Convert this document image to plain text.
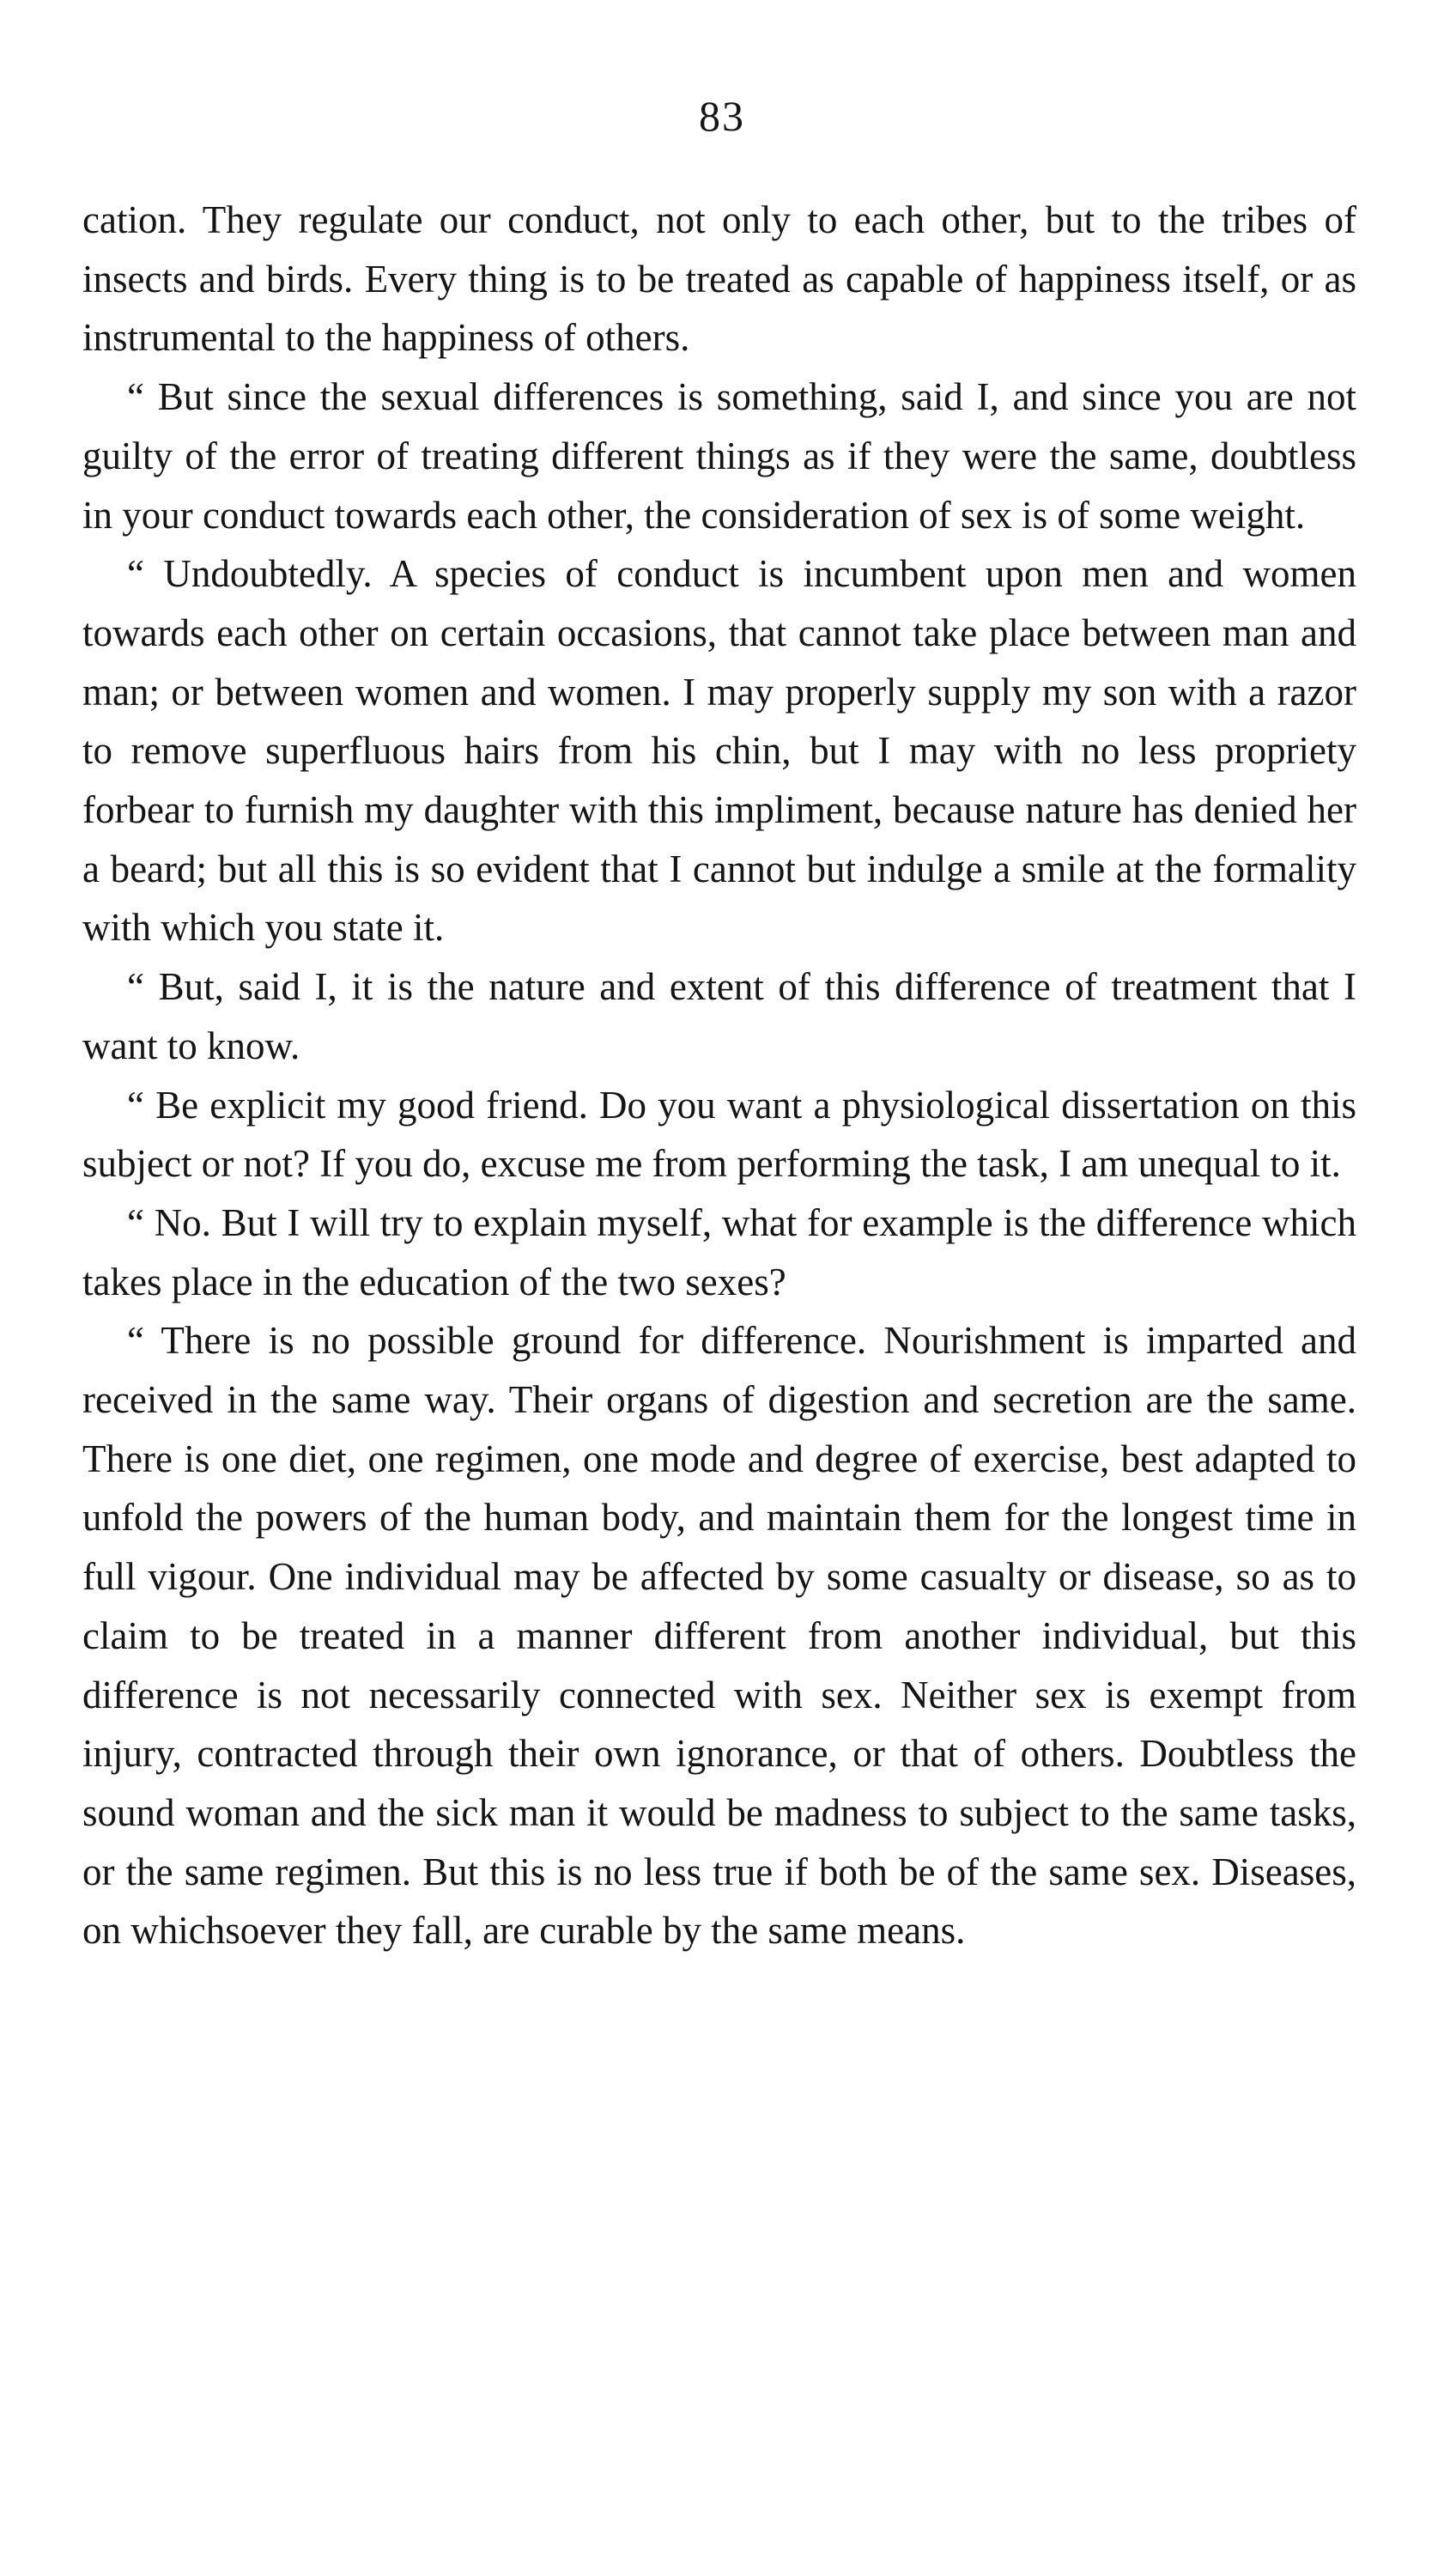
83

cation. They regulate our conduct, not only to each other, but to the tribes of insects and birds. Every thing is to be treated as capable of happiness itself, or as instrumental to the happiness of others.

“ But since the sexual differences is something, said I, and since you are not guilty of the error of treating different things as if they were the same, doubtless in your conduct towards each other, the consideration of sex is of some weight.

“ Undoubtedly. A species of conduct is incumbent upon men and women towards each other on certain occasions, that cannot take place between man and man; or between women and women. I may properly supply my son with a razor to remove superfluous hairs from his chin, but I may with no less propriety forbear to furnish my daughter with this impliment, because nature has denied her a beard; but all this is so evident that I cannot but indulge a smile at the formality with which you state it.

“ But, said I, it is the nature and extent of this difference of treatment that I want to know.

“ Be explicit my good friend. Do you want a physiological dissertation on this subject or not? If you do, excuse me from performing the task, I am unequal to it.

“ No. But I will try to explain myself, what for example is the difference which takes place in the education of the two sexes?

“ There is no possible ground for difference. Nourishment is imparted and received in the same way. Their organs of digestion and secretion are the same. There is one diet, one regimen, one mode and degree of exercise, best adapted to unfold the powers of the human body, and maintain them for the longest time in full vigour. One individual may be affected by some casualty or disease, so as to claim to be treated in a manner different from another individual, but this difference is not necessarily connected with sex. Neither sex is exempt from injury, contracted through their own ignorance, or that of others. Doubtless the sound woman and the sick man it would be madness to subject to the same tasks, or the same regimen. But this is no less true if both be of the same sex. Diseases, on whichsoever they fall, are curable by the same means.
